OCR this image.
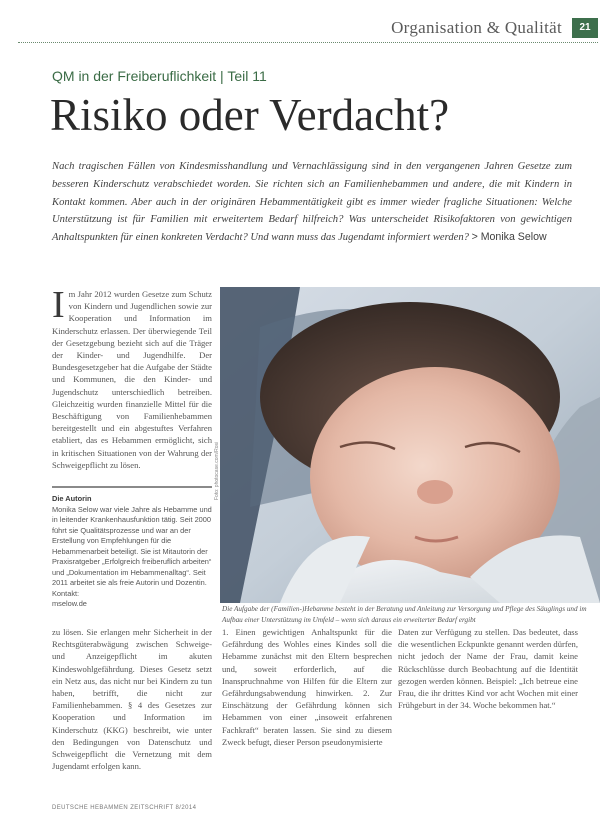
Organisation & Qualität	21
QM in der Freiberuflichkeit | Teil 11
Risiko oder Verdacht?
Nach tragischen Fällen von Kindesmisshandlung und Vernachlässigung sind in den vergangenen Jahren Gesetze zum besseren Kinderschutz verabschiedet worden. Sie richten sich an Familienhebammen und andere, die mit Kindern in Kontakt kommen. Aber auch in der originären Hebammentätigkeit gibt es immer wieder fragliche Situationen: Welche Unterstützung ist für Familien mit erweitertem Bedarf hilfreich? Was unterscheidet Risikofaktoren von gewichtigen Anhaltspunkten für einen konkreten Verdacht? Und wann muss das Jugendamt informiert werden? > Monika Selow
I m Jahr 2012 wurden Gesetze zum Schutz von Kindern und Jugendlichen sowie zur Kooperation und Information im Kinderschutz erlassen. Der überwiegende Teil der Gesetzgebung bezieht sich auf die Träger der Kinder- und Jugendhilfe. Der Bundesgesetzgeber hat die Aufgabe der Städte und Kommunen, die den Kinder- und Jugendschutz unterschiedlich betreiben. Gleichzeitig wurden finanzielle Mittel für die Beschäftigung von Familienhebammen bereitgestellt und ein abgestuftes Verfahren etabliert, das es Hebammen ermöglicht, sich in kritischen Situationen von der Wahrung der Schweigepflicht zu lösen.
Die Autorin
Monika Selow war viele Jahre als Hebamme und in leitender Krankenhausfunktion tätig. Seit 2000 führt sie Qualitätsprozesse und war an der Erstellung von Empfehlungen für die Hebammenarbeit beteiligt. Sie ist Mitautorin der Praxisratgeber „Erfolgreich freiberuflich arbeiten“ und „Dokumentation im Hebammenalltag“. Seit 2011 arbeitet sie als freie Autorin und Dozentin.
Kontakt:
mselow.de
Foto: photocase.com/Rosi
Die Aufgabe der (Familien-)Hebamme besteht in der Beratung und Anleitung zur Versorgung und Pflege des Säuglings und im Aufbau einer Unterstützung im Umfeld – wenn sich daraus ein erweiterter Bedarf ergibt
zu lösen. Sie erlangen mehr Sicherheit in der Rechtsgüterabwägung zwischen Schweige- und Anzeigepflicht im akuten Kindeswohlgefährdung. Dieses Gesetz setzt ein Netz aus, das nicht nur bei Kindern zu tun haben, betrifft, die nicht zur Familienhebammen. § 4 des Gesetzes zur Kooperation und Information im Kinderschutz (KKG) beschreibt, wie unter den Bedingungen von Datenschutz und Schweigepflicht die Vernetzung mit dem Jugendamt erfolgen kann.
1. Einen gewichtigen Anhaltspunkt für die Gefährdung des Wohles eines Kindes soll die Hebamme zunächst mit den Eltern besprechen und, soweit erforderlich, auf die Inanspruchnahme von Hilfen für die Eltern zur Gefährdungsabwendung hinwirken. 2. Zur Einschätzung der Gefährdung können sich Hebammen von einer „insoweit erfahrenen Fachkraft“ beraten lassen. Sie sind zu diesem Zweck befugt, dieser Person pseudonymisierte
Daten zur Verfügung zu stellen. Das bedeutet, dass die wesentlichen Eckpunkte genannt werden dürfen, nicht jedoch der Name der Frau, damit keine Rückschlüsse durch Beobachtung auf die Identität gezogen werden können. Beispiel: „Ich betreue eine Frau, die ihr drittes Kind vor acht Wochen mit einer Frühgeburt in der 34. Woche bekommen hat.“
DEUTSCHE HEBAMMEN ZEITSCHRIFT 8/2014
